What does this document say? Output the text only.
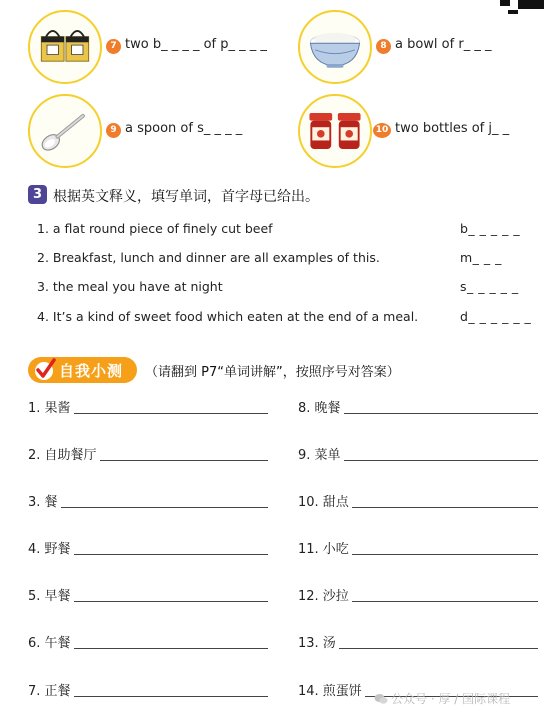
7 two b_ _ _ _ of p_ _ _ _	8 a bowl of r_ _ _
9 a spoon of s_ _ _ _	10 two bottles of j_ _
3 根据英文释义，填写单词，首字母已给出。
1. a flat round piece of finely cut beef	b_ _ _ _ _
2. Breakfast, lunch and dinner are all examples of this.	m_ _ _
3. the meal you have at night	s_ _ _ _ _
4. It’s a kind of sweet food which eaten at the end of a meal.	d_ _ _ _ _ _
自我小测 （请翻到 P7“单词讲解”，按照序号对答案）
1. 果酱
2. 自助餐厅
3. 餐
4. 野餐
5. 早餐
6. 午餐
7. 正餐
8. 晚餐
9. 菜单
10. 甜点
11. 小吃
12. 沙拉
13. 汤
14. 煎蛋饼	公众号 · 厚 / 国际课程
